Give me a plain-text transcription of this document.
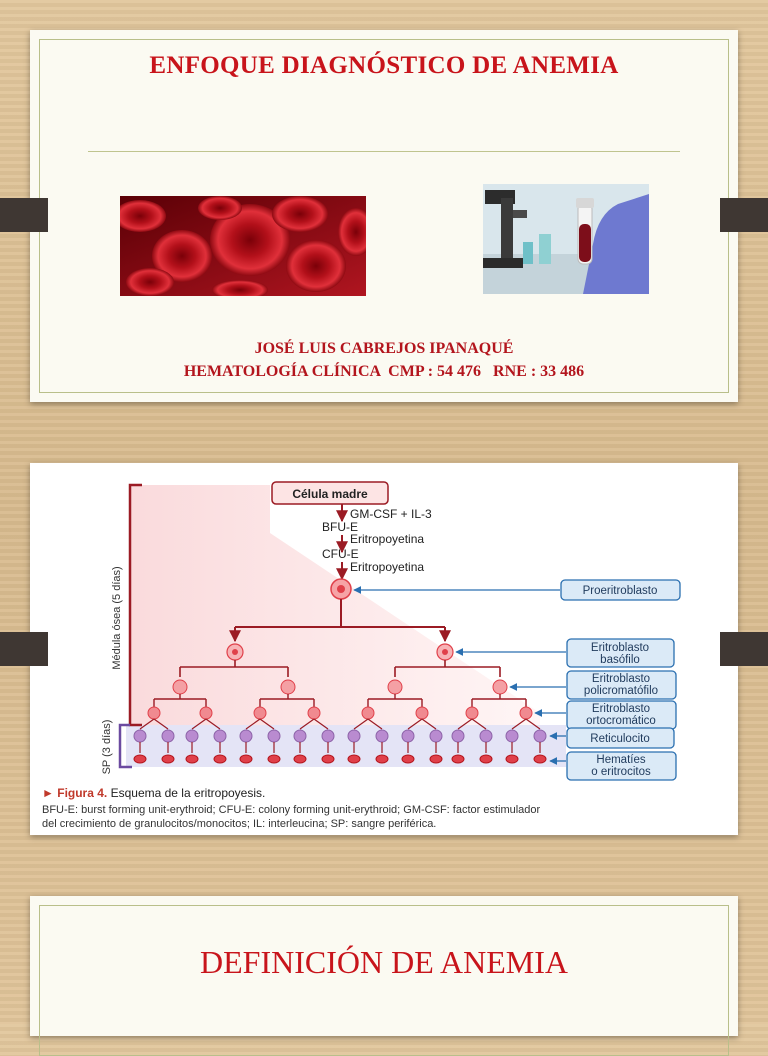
ENFOQUE DIAGNÓSTICO DE ANEMIA
JOSÉ LUIS CABREJOS IPANAQUÉ
HEMATOLOGÍA CLÍNICA  CMP : 54 476   RNE : 33 486
Médula ósea (5 días)
SP (3 días)
Célula madre
GM-CSF + IL-3
BFU-E
Eritropoyetina
CFU-E
Eritropoyetina
Proeritroblasto
Eritroblasto
basófilo
Eritroblasto
policromatófilo
Eritroblasto
ortocromático
Reticulocito
Hematíes
o eritrocitos
► Figura 4. Esquema de la eritropoyesis.
BFU-E: burst forming unit-erythroid; CFU-E: colony forming unit-erythroid; GM-CSF: factor estimulador
del crecimiento de granulocitos/monocitos; IL: interleucina; SP: sangre periférica.
DEFINICIÓN DE ANEMIA
